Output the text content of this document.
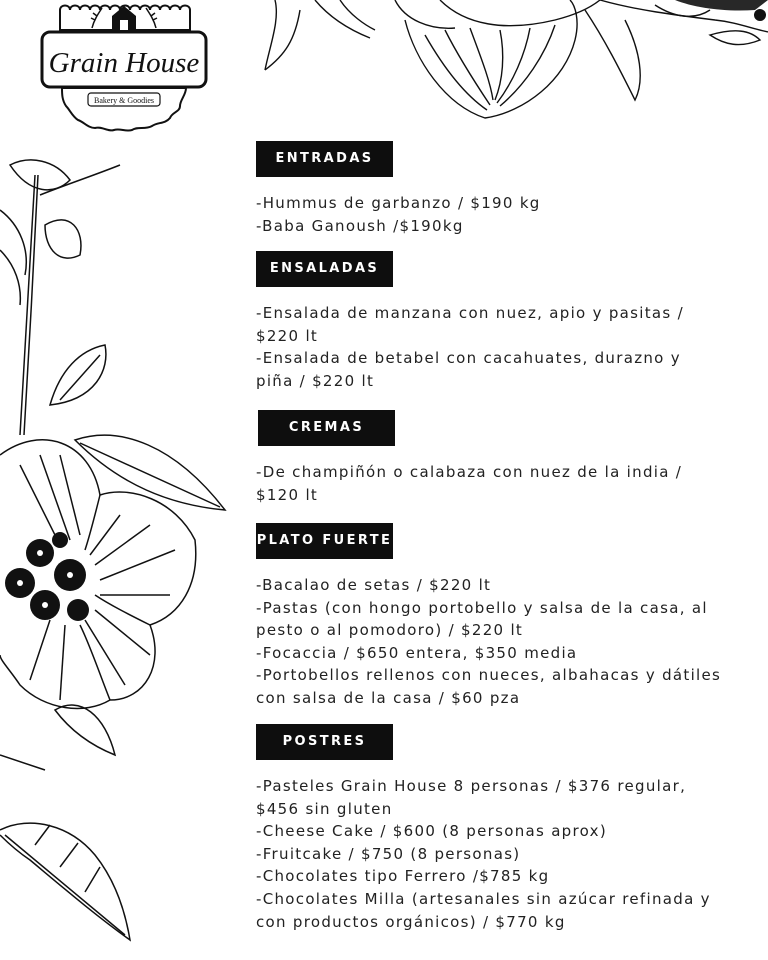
Grain House
Bakery & Goodies
ENTRADAS
-Hummus de garbanzo / $190 kg
-Baba Ganoush /$190kg
ENSALADAS
-Ensalada de manzana con nuez, apio y pasitas /
$220 lt
-Ensalada de betabel con cacahuates, durazno y
piña / $220 lt
CREMAS
-De champiñón o calabaza con nuez de la india /
$120 lt
PLATO FUERTE
-Bacalao de setas / $220 lt
-Pastas (con hongo portobello y salsa de la casa, al
pesto o al pomodoro) / $220 lt
-Focaccia / $650 entera, $350 media
-Portobellos rellenos con nueces, albahacas y dátiles
con salsa de la casa / $60 pza
POSTRES
-Pasteles Grain House 8 personas / $376 regular,
$456 sin gluten
-Cheese Cake / $600 (8 personas aprox)
-Fruitcake / $750 (8 personas)
-Chocolates tipo Ferrero /$785 kg
-Chocolates Milla (artesanales sin azúcar refinada y
con productos orgánicos) / $770 kg
